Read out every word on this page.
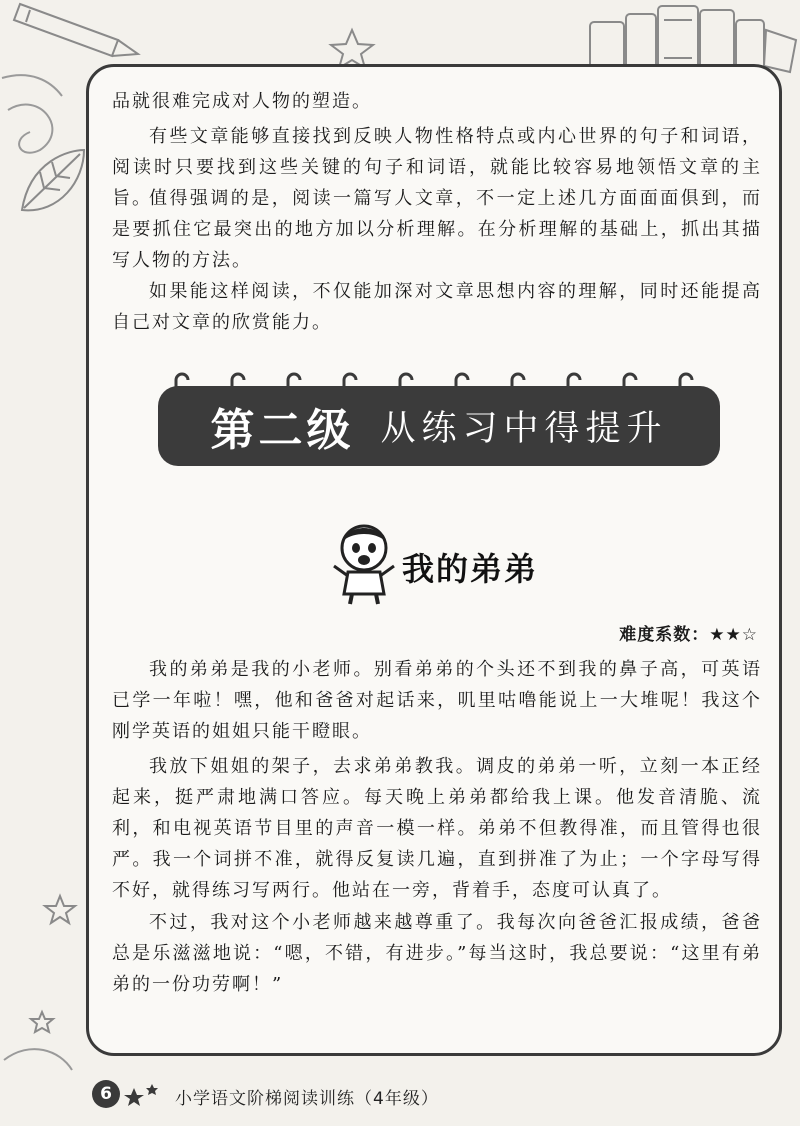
品就很难完成对人物的塑造。

有些文章能够直接找到反映人物性格特点或内心世界的句子和词语，阅读时只要找到这些关键的句子和词语，就能比较容易地领悟文章的主旨。

值得强调的是，阅读一篇写人文章，不一定上述几方面面面俱到，而是要抓住它最突出的地方加以分析理解。在分析理解的基础上，抓出其描写人物的方法。

如果能这样阅读，不仅能加深对文章思想内容的理解，同时还能提高自己对文章的欣赏能力。

第二级 从练习中得提升
我的弟弟
难度系数：★★☆

我的弟弟是我的小老师。别看弟弟的个头还不到我的鼻子高，可英语已学一年啦！嘿，他和爸爸对起话来，叽里咕噜能说上一大堆呢！我这个刚学英语的姐姐只能干瞪眼。

我放下姐姐的架子，去求弟弟教我。调皮的弟弟一听，立刻一本正经起来，挺严肃地满口答应。每天晚上弟弟都给我上课。他发音清脆、流利，和电视英语节目里的声音一模一样。弟弟不但教得准，而且管得也很严。我一个词拼不准，就得反复读几遍，直到拼准了为止；一个字母写得不好，就得练习写两行。他站在一旁，背着手，态度可认真了。

不过，我对这个小老师越来越尊重了。我每次向爸爸汇报成绩，爸爸总是乐滋滋地说：“嗯，不错，有进步。”每当这时，我总要说：“这里有弟弟的一份功劳啊！”

6	小学语文阶梯阅读训练（4年级）
